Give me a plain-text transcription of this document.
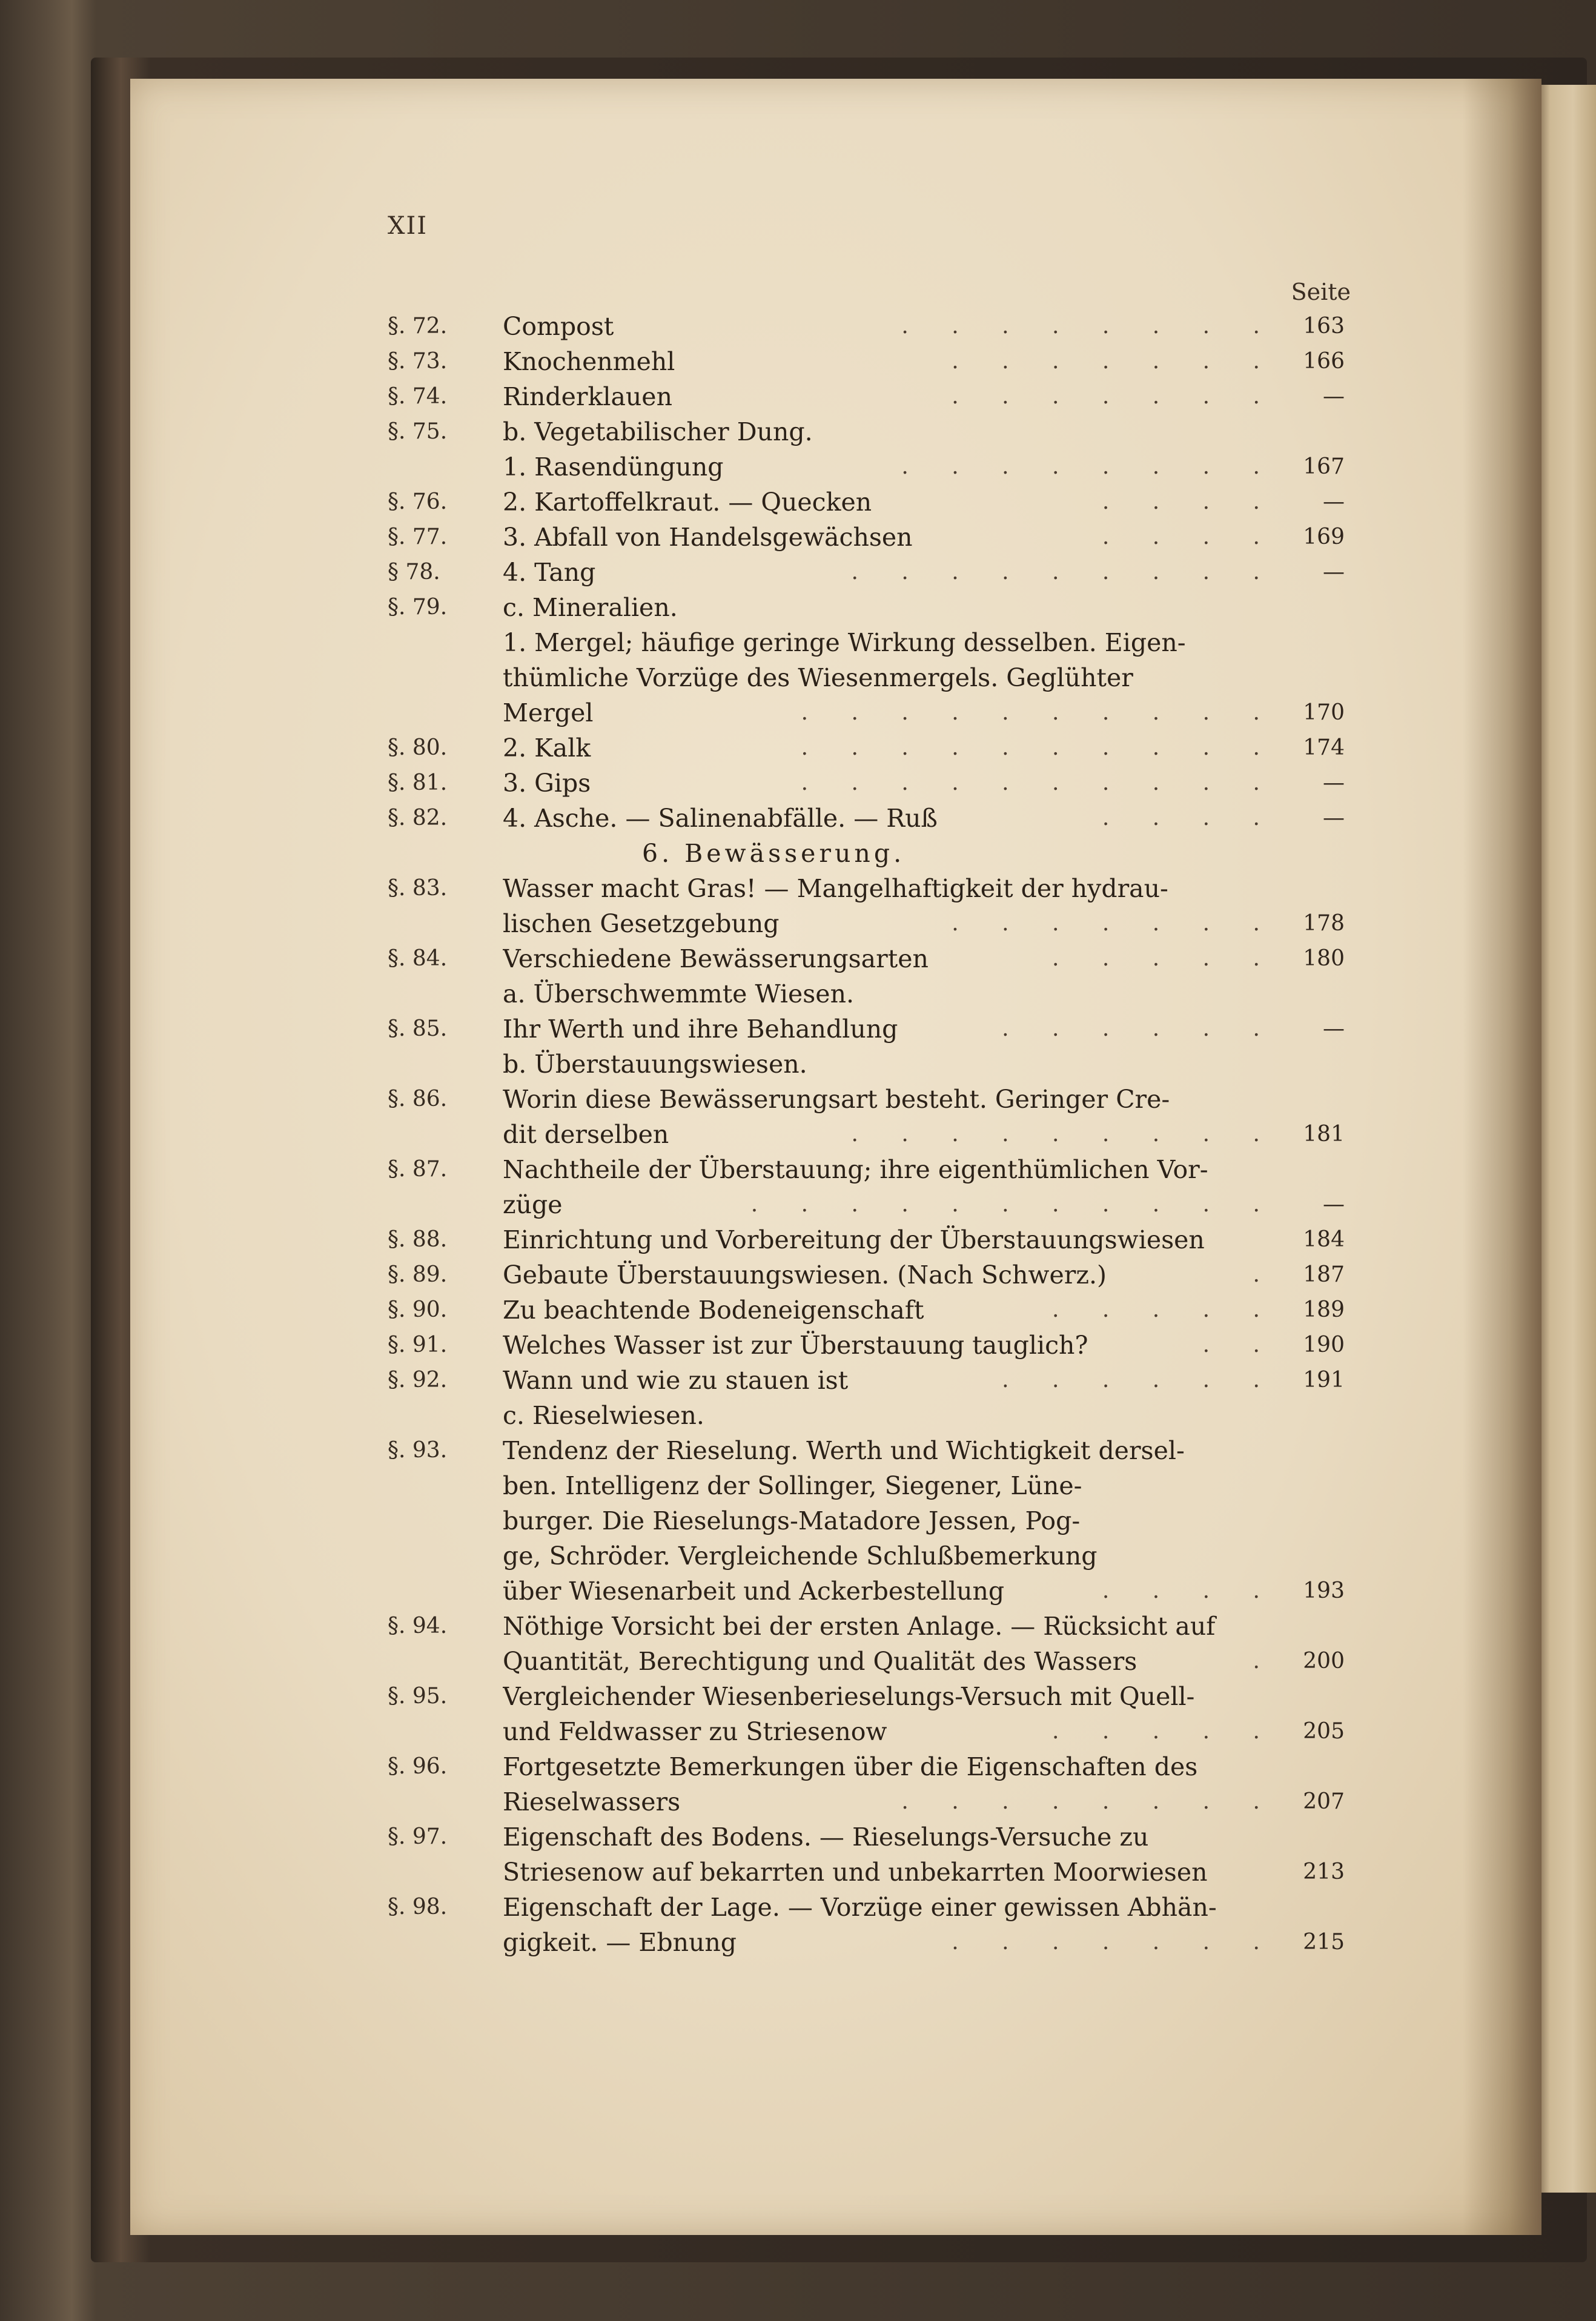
XII
Seite
§. 72.	Compost	. . . . . . . .	163
§. 73.	Knochenmehl	. . . . . . .	166
§. 74.	Rinderklauen	. . . . . . .	—
§. 75.	b. Vegetabilischer Dung.
1. Rasendüngung	. . . . . . . .	167
§. 76.	2. Kartoffelkraut. — Quecken	. . . .	—
§. 77.	3. Abfall von Handelsgewächsen	. . . .	169
§ 78.	4. Tang	. . . . . . . . .	—
§. 79.	c. Mineralien.
1. Mergel; häufige geringe Wirkung desselben. Eigen-
thümliche Vorzüge des Wiesenmergels. Geglühter
Mergel	. . . . . . . . . .	170
§. 80.	2. Kalk	. . . . . . . . . .	174
§. 81.	3. Gips	. . . . . . . . . .	—
§. 82.	4. Asche. — Salinenabfälle. — Ruß	. . . .	—
6. Bewässerung.
§. 83.	Wasser macht Gras! — Mangelhaftigkeit der hydrau-
lischen Gesetzgebung	. . . . . . .	178
§. 84.	Verschiedene Bewässerungsarten	. . . . .	180
a. Überschwemmte Wiesen.
§. 85.	Ihr Werth und ihre Behandlung	. . . . . .	—
b. Überstauungswiesen.
§. 86.	Worin diese Bewässerungsart besteht. Geringer Cre-
dit derselben	. . . . . . . . .	181
§. 87.	Nachtheile der Überstauung; ihre eigenthümlichen Vor-
züge	. . . . . . . . . . .	—
§. 88.	Einrichtung und Vorbereitung der Überstauungswiesen	184
§. 89.	Gebaute Überstauungswiesen. (Nach Schwerz.)	.	187
§. 90.	Zu beachtende Bodeneigenschaft	. . . . .	189
§. 91.	Welches Wasser ist zur Überstauung tauglich?	. .	190
§. 92.	Wann und wie zu stauen ist	. . . . . .	191
c. Rieselwiesen.
§. 93.	Tendenz der Rieselung. Werth und Wichtigkeit dersel-
ben. Intelligenz der Sollinger, Siegener, Lüne-
burger. Die Rieselungs-Matadore Jessen, Pog-
ge, Schröder. Vergleichende Schlußbemerkung
über Wiesenarbeit und Ackerbestellung	. . . .	193
§. 94.	Nöthige Vorsicht bei der ersten Anlage. — Rücksicht auf
Quantität, Berechtigung und Qualität des Wassers	.	200
§. 95.	Vergleichender Wiesenberieselungs-Versuch mit Quell-
und Feldwasser zu Striesenow	. . . . .	205
§. 96.	Fortgesetzte Bemerkungen über die Eigenschaften des
Rieselwassers	. . . . . . . .	207
§. 97.	Eigenschaft des Bodens. — Rieselungs-Versuche zu
Striesenow auf bekarrten und unbekarrten Moorwiesen	213
§. 98.	Eigenschaft der Lage. — Vorzüge einer gewissen Abhän-
gigkeit. — Ebnung	. . . . . . .	215
